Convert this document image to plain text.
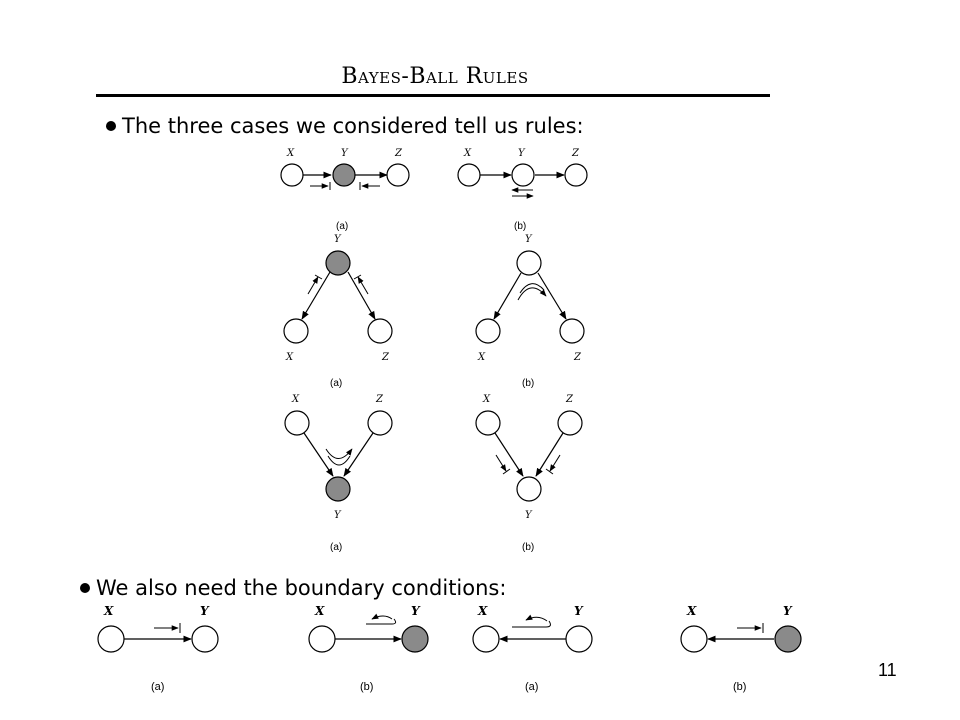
Bayes-Ball Rules
The three cases we considered tell us rules:
We also need the boundary conditions:
X	Y	Z
(a)
X	Y	Z
(b)
Y
X	Z
(a)
Y
X	Z
(b)
X	Z
Y
(a)
X	Z
Y
(b)
X	Y
(a)
X	Y
(b)
X	Y
(a)
X	Y
(b)
11
